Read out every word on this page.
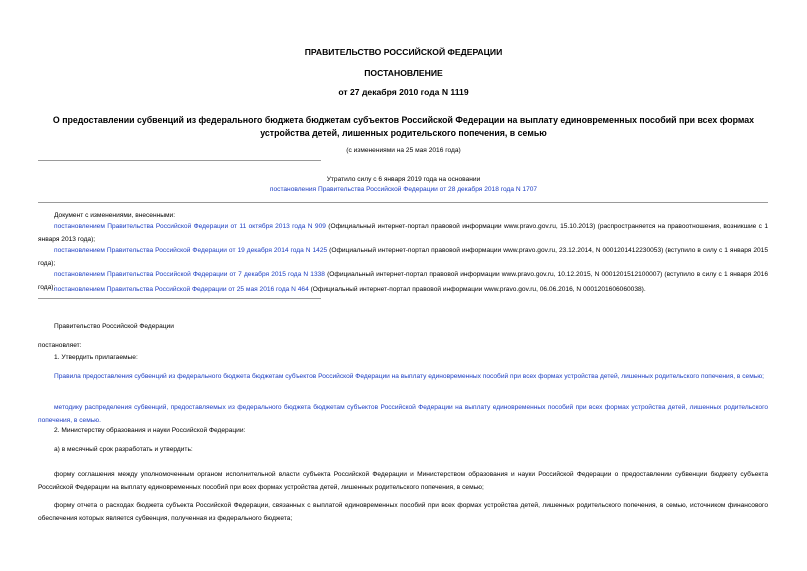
ПРАВИТЕЛЬСТВО РОССИЙСКОЙ ФЕДЕРАЦИИ
ПОСТАНОВЛЕНИЕ
от 27 декабря 2010 года N 1119
О предоставлении субвенций из федерального бюджета бюджетам субъектов Российской Федерации на выплату единовременных пособий при всех формах устройства детей, лишенных родительского попечения, в семью
(с изменениями на 25 мая 2016 года)
Утратило силу с 6 января 2019 года на основании
постановления Правительства Российской Федерации от 28 декабря 2018 года N 1707
Документ с изменениями, внесенными:
постановлением Правительства Российской Федерации от 11 октября 2013 года N 909 (Официальный интернет-портал правовой информации www.pravo.gov.ru, 15.10.2013) (распространяется на правоотношения, возникшие с 1 января 2013 года);
постановлением Правительства Российской Федерации от 19 декабря 2014 года N 1425 (Официальный интернет-портал правовой информации www.pravo.gov.ru, 23.12.2014, N 0001201412230053) (вступило в силу с 1 января 2015 года);
постановлением Правительства Российской Федерации от 7 декабря 2015 года N 1338 (Официальный интернет-портал правовой информации www.pravo.gov.ru, 10.12.2015, N 0001201512100007) (вступило в силу с 1 января 2016 года);
постановлением Правительства Российской Федерации от 25 мая 2016 года N 464 (Официальный интернет-портал правовой информации www.pravo.gov.ru, 06.06.2016, N 0001201606060038).
Правительство Российской Федерации
постановляет:
1. Утвердить прилагаемые:
Правила предоставления субвенций из федерального бюджета бюджетам субъектов Российской Федерации на выплату единовременных пособий при всех формах устройства детей, лишенных родительского попечения, в семью;
методику распределения субвенций, предоставляемых из федерального бюджета бюджетам субъектов Российской Федерации на выплату единовременных пособий при всех формах устройства детей, лишенных родительского попечения, в семью.
2. Министерству образования и науки Российской Федерации:
а) в месячный срок разработать и утвердить:
форму соглашения между уполномоченным органом исполнительной власти субъекта Российской Федерации и Министерством образования и науки Российской Федерации о предоставлении субвенции бюджету субъекта Российской Федерации на выплату единовременных пособий при всех формах устройства детей, лишенных родительского попечения, в семью;
форму отчета о расходах бюджета субъекта Российской Федерации, связанных с выплатой единовременных пособий при всех формах устройства детей, лишенных родительского попечения, в семью, источником финансового обеспечения которых является субвенция, полученная из федерального бюджета;
